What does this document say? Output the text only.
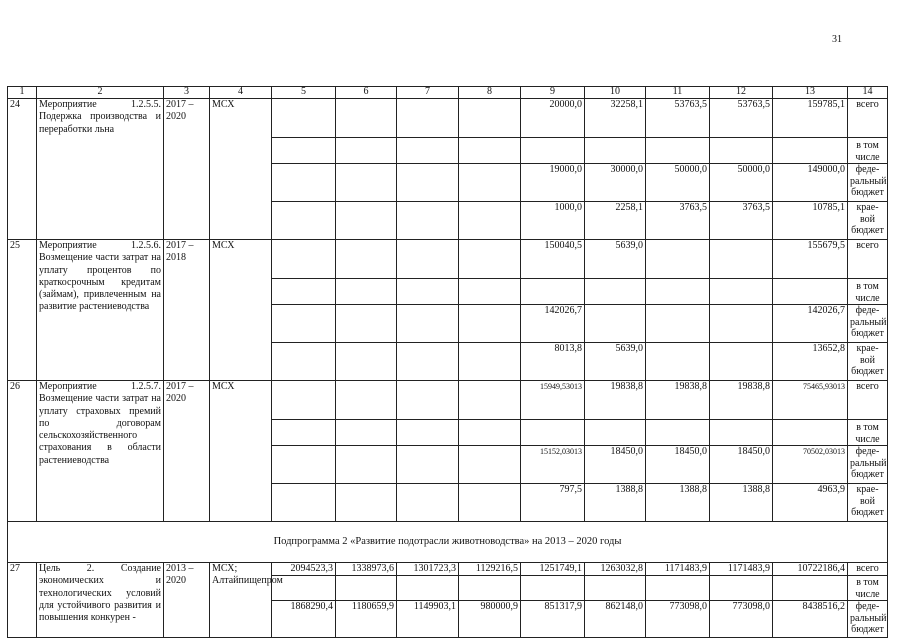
31
1	2	3	4	5	6	7	8	9	10	11	12	13	14
24	Мероприятие 1.2.5.5. Подержка производства и переработки льна	2017 – 2020	МСХ					20000,0	32258,1	53763,5	53763,5	159785,1	всего
													в том числе
								19000,0	30000,0	50000,0	50000,0	149000,0	феде- ральный бюджет
								1000,0	2258,1	3763,5	3763,5	10785,1	крае- вой бюджет
25	Мероприятие 1.2.5.6. Возмещение части затрат на уплату процентов по краткосрочным кредитам (займам), привлеченным на развитие растениеводства	2017 – 2018	МСХ					150040,5	5639,0			155679,5	всего
													в том числе
								142026,7				142026,7	феде- ральный бюджет
								8013,8	5639,0			13652,8	крае- вой бюджет
26	Мероприятие 1.2.5.7. Возмещение части затрат на уплату страховых премий по договорам сельскохозяйственного страхования в области растениеводства	2017 – 2020	МСХ					15949,53013	19838,8	19838,8	19838,8	75465,93013	всего
													в том числе
								15152,03013	18450,0	18450,0	18450,0	70502,03013	феде- ральный бюджет
								797,5	1388,8	1388,8	1388,8	4963,9	крае- вой бюджет
Подпрограмма 2 «Развитие подотрасли животноводства» на 2013 – 2020 годы													
27	Цель 2. Создание экономических и технологических условий для устойчивого развития и повышения конкурен -	2013 – 2020	МСХ; Алтайпищепром	2094523,3	1338973,6	1301723,3	1129216,5	1251749,1	1263032,8	1171483,9	1171483,9	10722186,4	всего
													в том числе
				1868290,4	1180659,9	1149903,1	980000,9	851317,9	862148,0	773098,0	773098,0	8438516,2	феде- ральный бюджет
